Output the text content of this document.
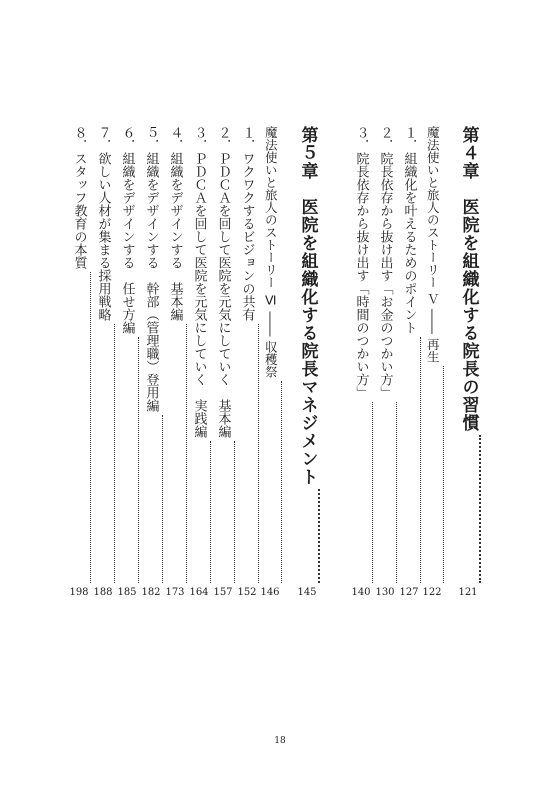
第４章　医院を組織化する院長の習慣
121
魔法使いと旅人のストーリー Ｖ ―― 再生
122
１．組織化を叶えるためのポイント
127
２．院長依存から抜け出す「お金のつかい方」
130
３．院長依存から抜け出す「時間のつかい方」
140
第５章　医院を組織化する院長マネジメント
145
魔法使いと旅人のストーリー Ⅵ ―― 収穫祭
146
１．ワクワクするビジョンの共有
152
２．ＰＤＣＡを回して医院を元気にしていく　基本編
157
３．ＰＤＣＡを回して医院を元気にしていく　実践編
164
４．組織をデザインする　基本編
173
５．組織をデザインする　幹部（管理職）登用編
182
６．組織をデザインする　任せ方編
185
７．欲しい人材が集まる採用戦略
188
８．スタッフ教育の本質
198
18
